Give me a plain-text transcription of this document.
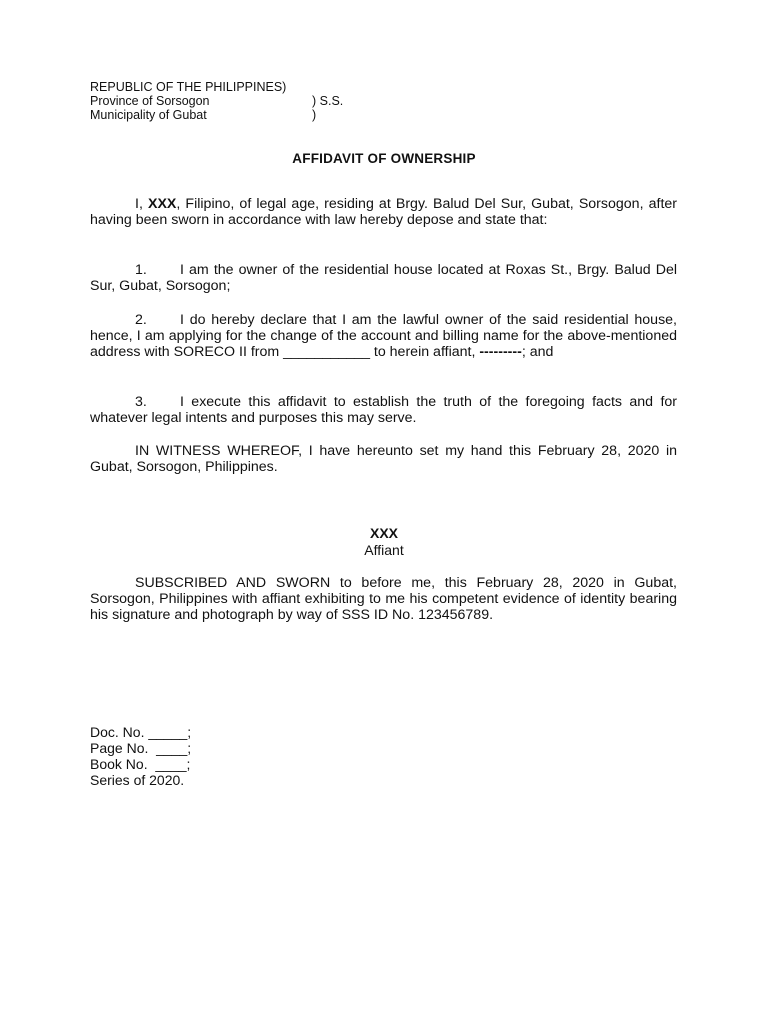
REPUBLIC OF THE PHILIPPINES)
Province of Sorsogon	) S.S.
Municipality of Gubat	)
AFFIDAVIT OF OWNERSHIP
I, XXX, Filipino, of legal age, residing at Brgy. Balud Del Sur, Gubat, Sorsogon, after having been sworn in accordance with law hereby depose and state that:
1. I am the owner of the residential house located at Roxas St., Brgy. Balud Del Sur, Gubat, Sorsogon;
2. I do hereby declare that I am the lawful owner of the said residential house, hence, I am applying for the change of the account and billing name for the above-mentioned address with SORECO II from ___________ to herein affiant, ---------; and
3. I execute this affidavit to establish the truth of the foregoing facts and for whatever legal intents and purposes this may serve.
IN WITNESS WHEREOF, I have hereunto set my hand this February 28, 2020 in Gubat, Sorsogon, Philippines.
XXX
Affiant
SUBSCRIBED AND SWORN to before me, this February 28, 2020 in Gubat, Sorsogon, Philippines with affiant exhibiting to me his competent evidence of identity bearing his signature and photograph by way of SSS ID No. 123456789.
Doc. No. _____;
Page No.  ____;
Book No.  ____;
Series of 2020.
